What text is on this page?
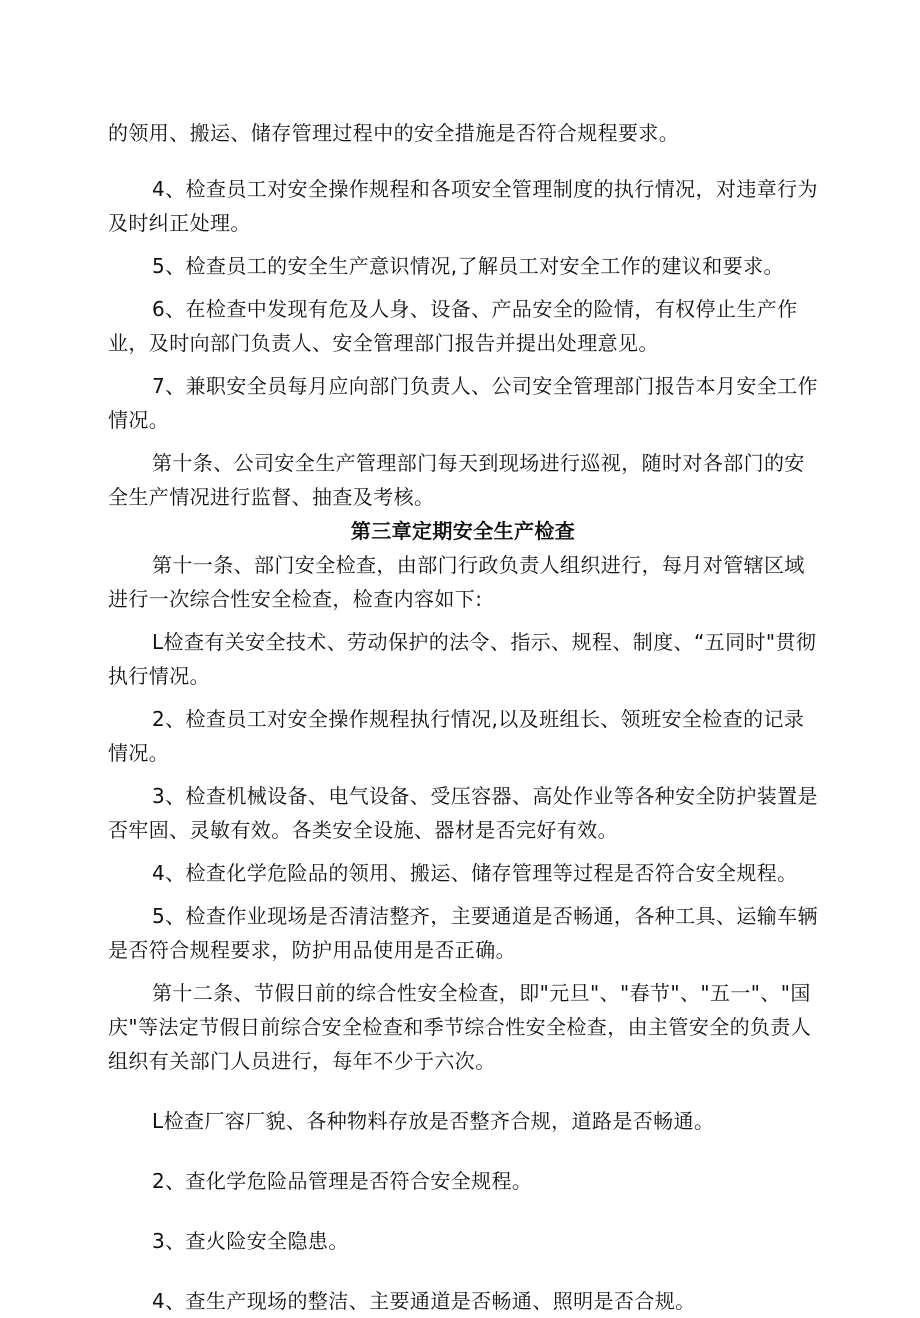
的领用、搬运、储存管理过程中的安全措施是否符合规程要求。

4、检查员工对安全操作规程和各项安全管理制度的执行情况，对违章行为及时纠正处理。

5、检查员工的安全生产意识情况,了解员工对安全工作的建议和要求。

6、在检查中发现有危及人身、设备、产品安全的险情，有权停止生产作业，及时向部门负责人、安全管理部门报告并提出处理意见。

7、兼职安全员每月应向部门负责人、公司安全管理部门报告本月安全工作情况。

第十条、公司安全生产管理部门每天到现场进行巡视，随时对各部门的安全生产情况进行监督、抽查及考核。

第三章定期安全生产检查

第十一条、部门安全检查，由部门行政负责人组织进行，每月对管辖区域进行一次综合性安全检查，检查内容如下:

L检查有关安全技术、劳动保护的法令、指示、规程、制度、“五同时"贯彻执行情况。

2、检查员工对安全操作规程执行情况,以及班组长、领班安全检查的记录情况。

3、检查机械设备、电气设备、受压容器、高处作业等各种安全防护装置是否牢固、灵敏有效。各类安全设施、器材是否完好有效。

4、检查化学危险品的领用、搬运、储存管理等过程是否符合安全规程。

5、检查作业现场是否清洁整齐，主要通道是否畅通，各种工具、运输车辆是否符合规程要求，防护用品使用是否正确。

第十二条、节假日前的综合性安全检查，即"元旦"、"春节"、"五一"、"国庆"等法定节假日前综合安全检查和季节综合性安全检查，由主管安全的负责人组织有关部门人员进行，每年不少于六次。

L检查厂容厂貌、各种物料存放是否整齐合规，道路是否畅通。

2、查化学危险品管理是否符合安全规程。

3、查火险安全隐患。

4、查生产现场的整洁、主要通道是否畅通、照明是否合规。
